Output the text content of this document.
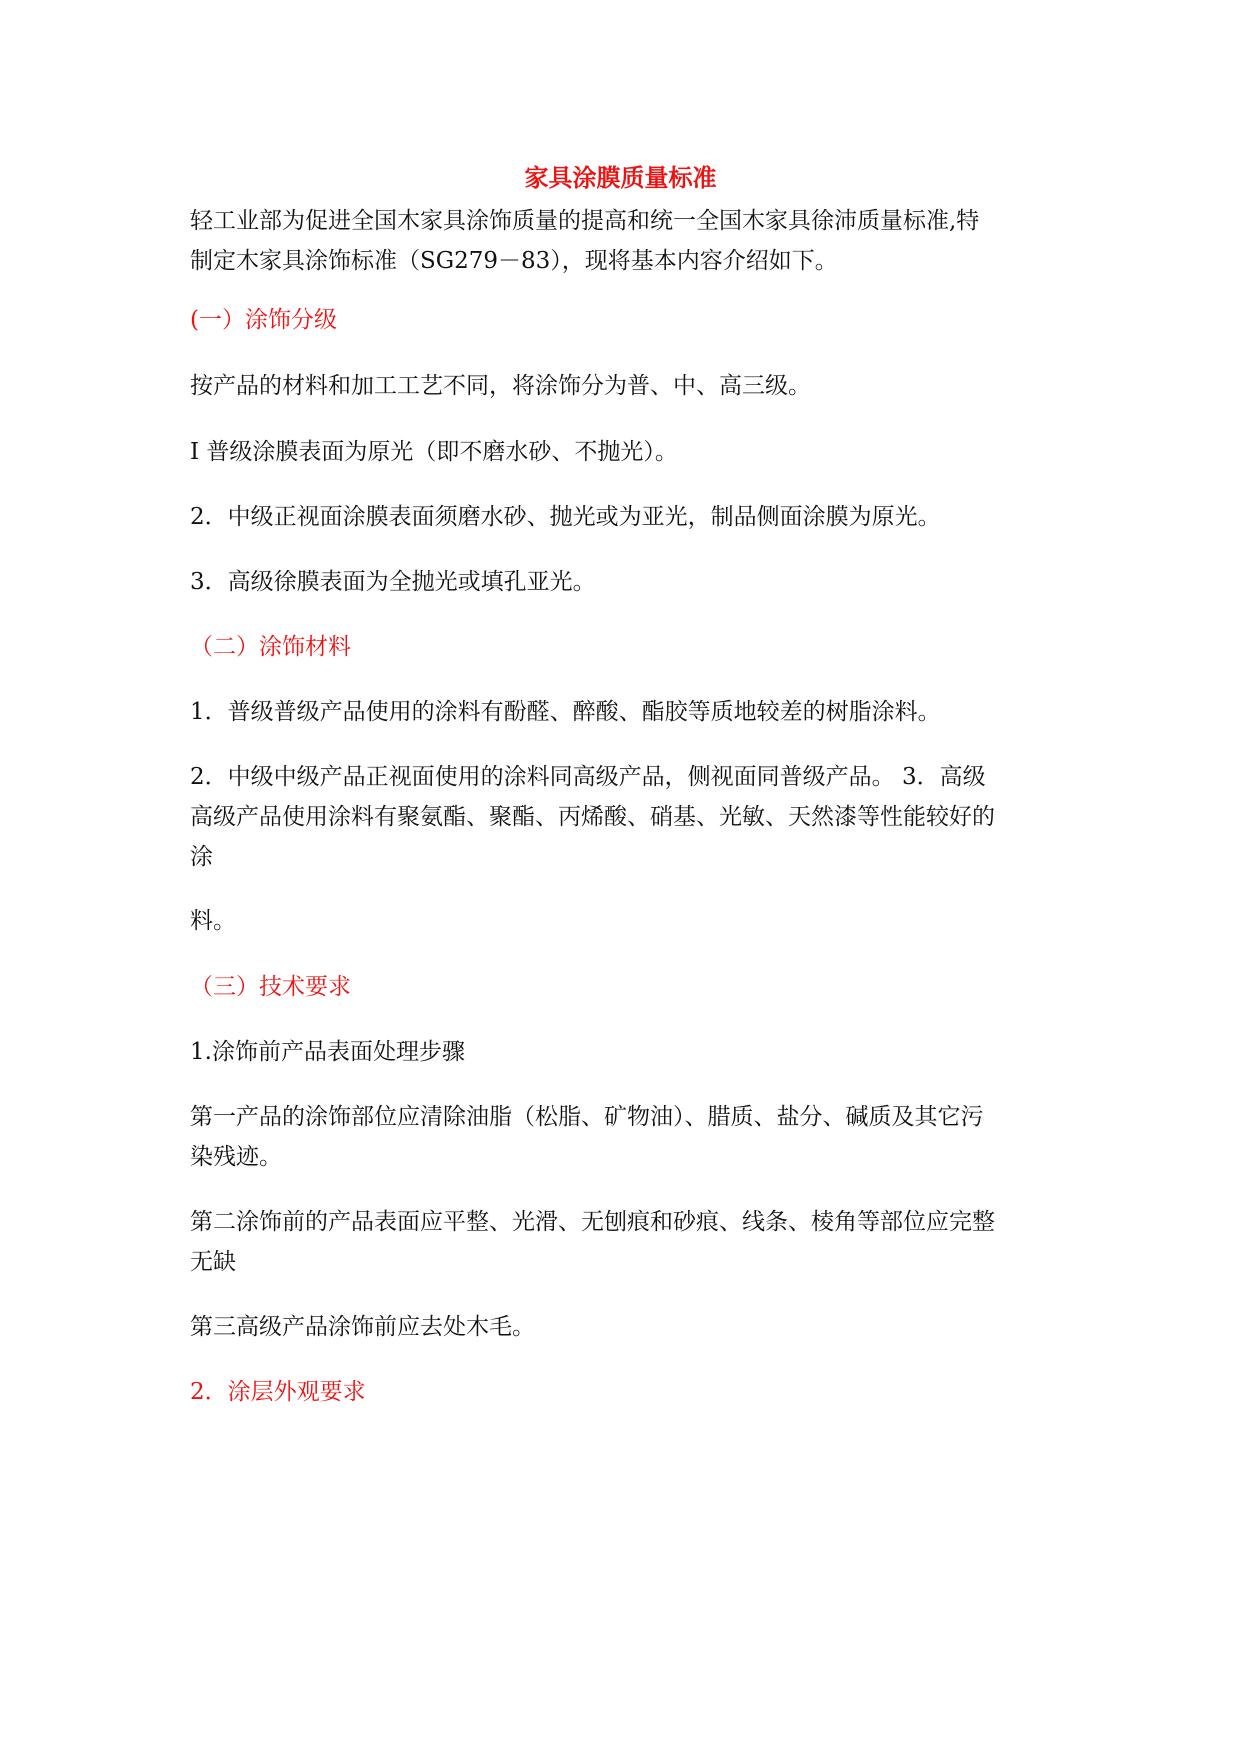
家具涂膜质量标准

轻工业部为促进全国木家具涂饰质量的提高和统一全国木家具徐沛质量标准,特

制定木家具涂饰标准（SG279－83），现将基本内容介绍如下。

(一）涂饰分级

按产品的材料和加工工艺不同，将涂饰分为普、中、高三级。

I 普级涂膜表面为原光（即不磨水砂、不抛光）。

2．中级正视面涂膜表面须磨水砂、抛光或为亚光，制品侧面涂膜为原光。

3．高级徐膜表面为全抛光或填孔亚光。

（二）涂饰材料

1．普级普级产品使用的涂料有酚醛、醉酸、酯胶等质地较差的树脂涂料。

2．中级中级产品正视面使用的涂料同高级产品，侧视面同普级产品。 3．高级

高级产品使用涂料有聚氨酯、聚酯、丙烯酸、硝基、光敏、天然漆等性能较好的

涂

料。

（三）技术要求

1.涂饰前产品表面处理步骤

第一产品的涂饰部位应清除油脂（松脂、矿物油）、腊质、盐分、碱质及其它污

染残迹。

第二涂饰前的产品表面应平整、光滑、无刨痕和砂痕、线条、棱角等部位应完整

无缺

第三高级产品涂饰前应去处木毛。

2．涂层外观要求
